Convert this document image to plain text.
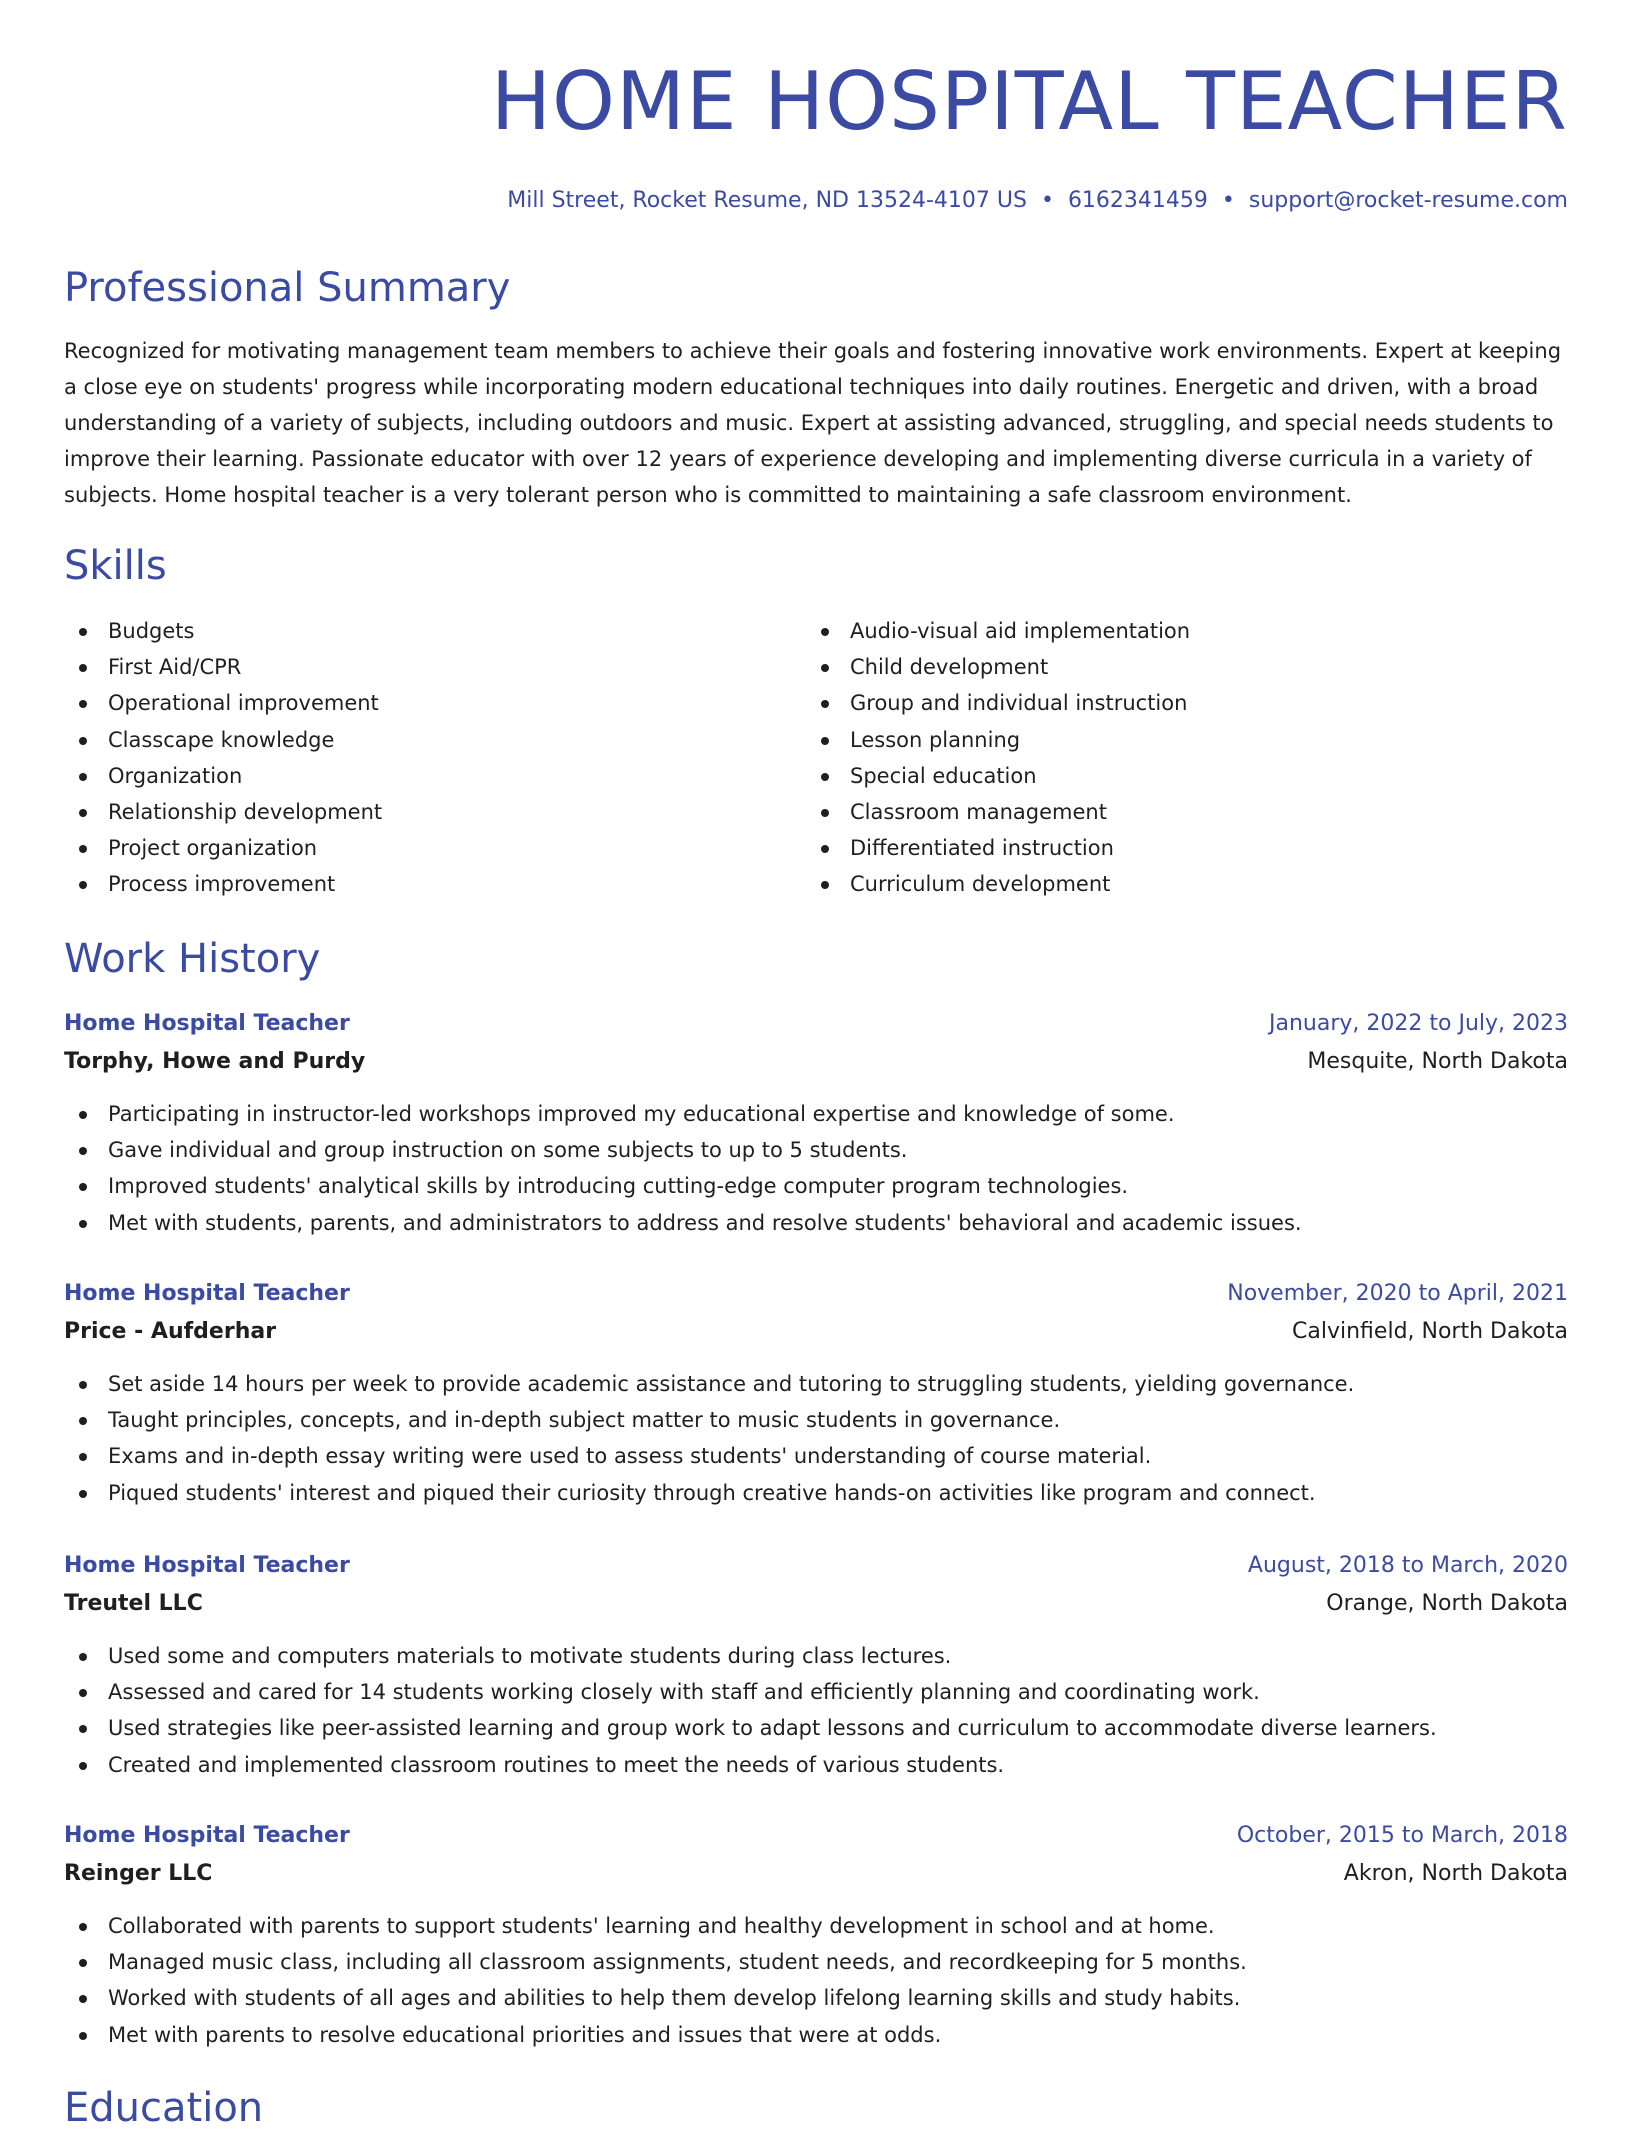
HOME HOSPITAL TEACHER
Mill Street, Rocket Resume, ND 13524-4107 US • 6162341459 • support@rocket-resume.com
Professional Summary

Recognized for motivating management team members to achieve their goals and fostering innovative work environments. Expert at keeping a close eye on students' progress while incorporating modern educational techniques into daily routines. Energetic and driven, with a broad understanding of a variety of subjects, including outdoors and music. Expert at assisting advanced, struggling, and special needs students to improve their learning. Passionate educator with over 12 years of experience developing and implementing diverse curricula in a variety of subjects. Home hospital teacher is a very tolerant person who is committed to maintaining a safe classroom environment.

Skills
Budgets
First Aid/CPR
Operational improvement
Classcape knowledge
Organization
Relationship development
Project organization
Process improvement
Audio-visual aid implementation
Child development
Group and individual instruction
Lesson planning
Special education
Classroom management
Differentiated instruction
Curriculum development
Work History
Home Hospital Teacher	January, 2022 to July, 2023
Torphy, Howe and Purdy	Mesquite, North Dakota
Participating in instructor-led workshops improved my educational expertise and knowledge of some.
Gave individual and group instruction on some subjects to up to 5 students.
Improved students' analytical skills by introducing cutting-edge computer program technologies.
Met with students, parents, and administrators to address and resolve students' behavioral and academic issues.
Home Hospital Teacher	November, 2020 to April, 2021
Price - Aufderhar	Calvinfield, North Dakota
Set aside 14 hours per week to provide academic assistance and tutoring to struggling students, yielding governance.
Taught principles, concepts, and in-depth subject matter to music students in governance.
Exams and in-depth essay writing were used to assess students' understanding of course material.
Piqued students' interest and piqued their curiosity through creative hands-on activities like program and connect.
Home Hospital Teacher	August, 2018 to March, 2020
Treutel LLC	Orange, North Dakota
Used some and computers materials to motivate students during class lectures.
Assessed and cared for 14 students working closely with staff and efficiently planning and coordinating work.
Used strategies like peer-assisted learning and group work to adapt lessons and curriculum to accommodate diverse learners.
Created and implemented classroom routines to meet the needs of various students.
Home Hospital Teacher	October, 2015 to March, 2018
Reinger LLC	Akron, North Dakota
Collaborated with parents to support students' learning and healthy development in school and at home.
Managed music class, including all classroom assignments, student needs, and recordkeeping for 5 months.
Worked with students of all ages and abilities to help them develop lifelong learning skills and study habits.
Met with parents to resolve educational priorities and issues that were at odds.
Education
